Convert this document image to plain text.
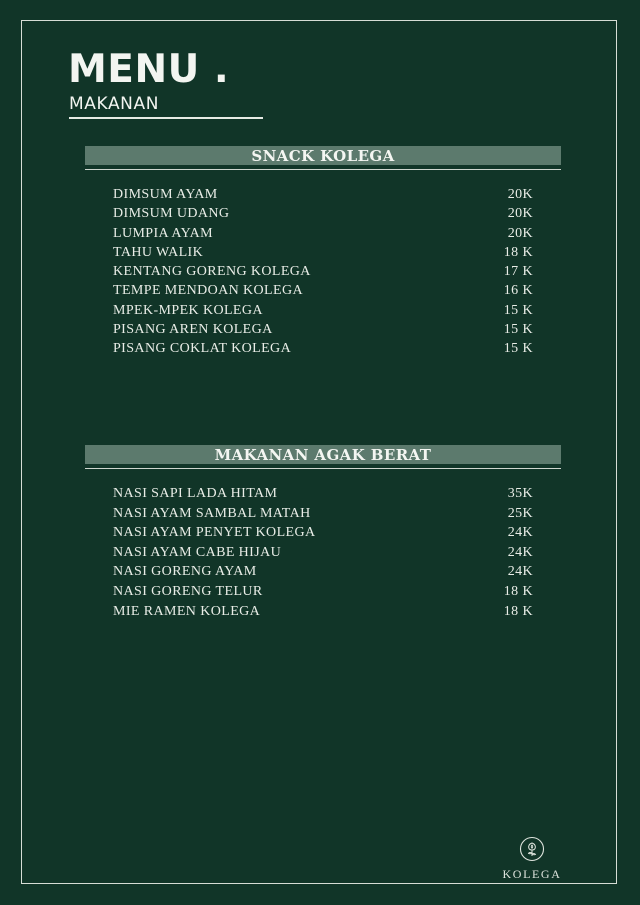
MENU .
MAKANAN
SNACK KOLEGA
DIMSUM AYAM	20K
DIMSUM UDANG	20K
LUMPIA AYAM	20K
TAHU WALIK	18 K
KENTANG GORENG KOLEGA	17 K
TEMPE MENDOAN KOLEGA	16 K
MPEK-MPEK KOLEGA	15 K
PISANG AREN KOLEGA	15 K
PISANG COKLAT KOLEGA	15 K
MAKANAN AGAK BERAT
NASI SAPI LADA HITAM	35K
NASI AYAM SAMBAL MATAH	25K
NASI AYAM PENYET KOLEGA	24K
NASI AYAM CABE HIJAU	24K
NASI GORENG AYAM	24K
NASI GORENG TELUR	18 K
MIE RAMEN KOLEGA	18 K
KOLEGA
